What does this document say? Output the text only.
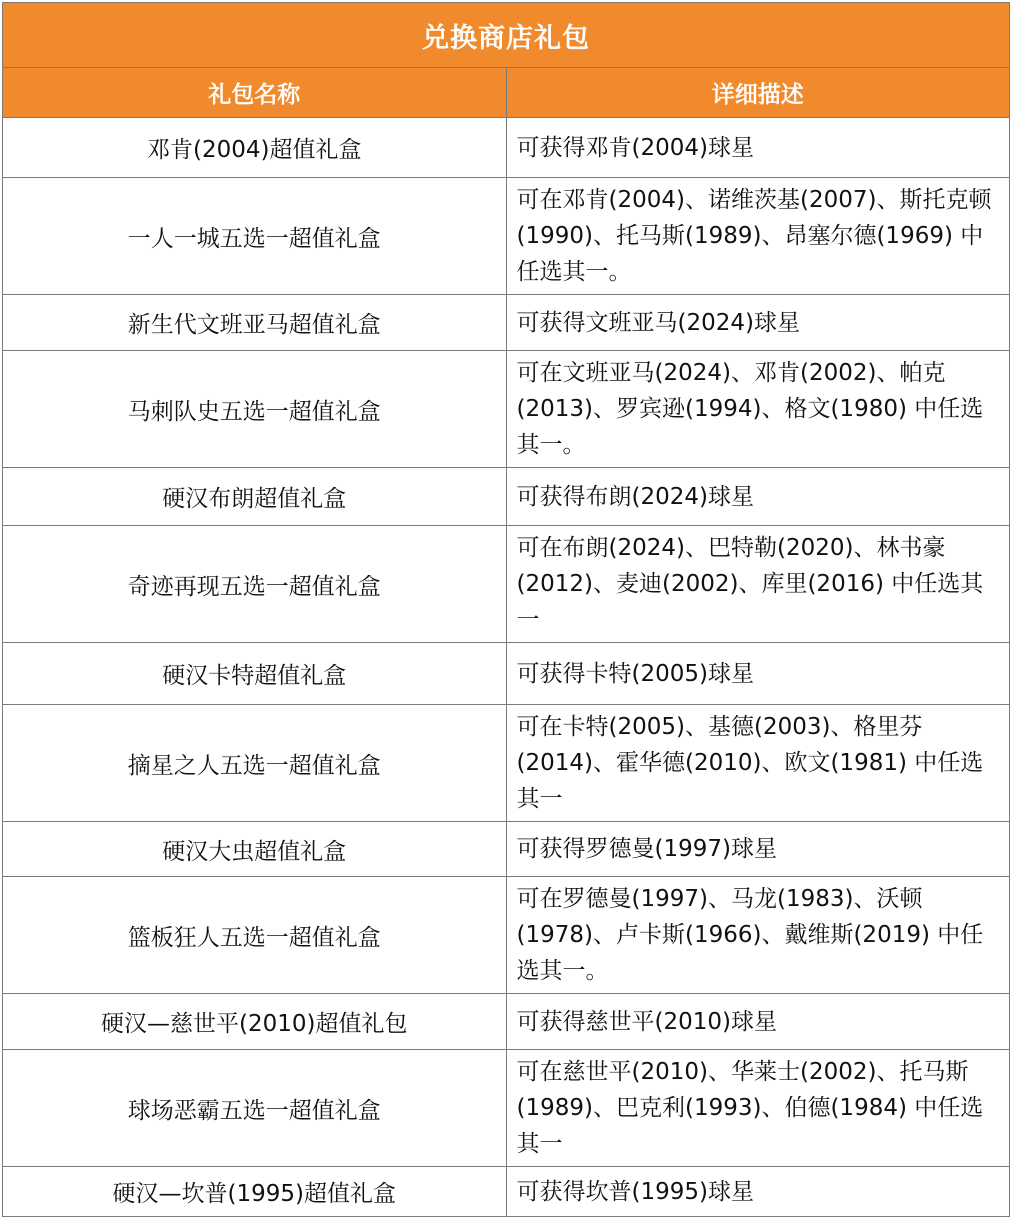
兑换商店礼包	
礼包名称	详细描述
邓肯(2004)超值礼盒	可获得邓肯(2004)球星
一人一城五选一超值礼盒	可在邓肯(2004)、诺维茨基(2007)、斯托克顿(1990)、托马斯(1989)、昂塞尔德(1969) 中任选其一。
新生代文班亚马超值礼盒	可获得文班亚马(2024)球星
马刺队史五选一超值礼盒	可在文班亚马(2024)、邓肯(2002)、帕克(2013)、罗宾逊(1994)、格文(1980) 中任选其一。
硬汉布朗超值礼盒	可获得布朗(2024)球星
奇迹再现五选一超值礼盒	可在布朗(2024)、巴特勒(2020)、林书豪(2012)、麦迪(2002)、库里(2016) 中任选其一
硬汉卡特超值礼盒	可获得卡特(2005)球星
摘星之人五选一超值礼盒	可在卡特(2005)、基德(2003)、格里芬(2014)、霍华德(2010)、欧文(1981) 中任选其一
硬汉大虫超值礼盒	可获得罗德曼(1997)球星
篮板狂人五选一超值礼盒	可在罗德曼(1997)、马龙(1983)、沃顿(1978)、卢卡斯(1966)、戴维斯(2019) 中任选其一。
硬汉—慈世平(2010)超值礼包	可获得慈世平(2010)球星
球场恶霸五选一超值礼盒	可在慈世平(2010)、华莱士(2002)、托马斯(1989)、巴克利(1993)、伯德(1984) 中任选其一
硬汉—坎普(1995)超值礼盒	可获得坎普(1995)球星
